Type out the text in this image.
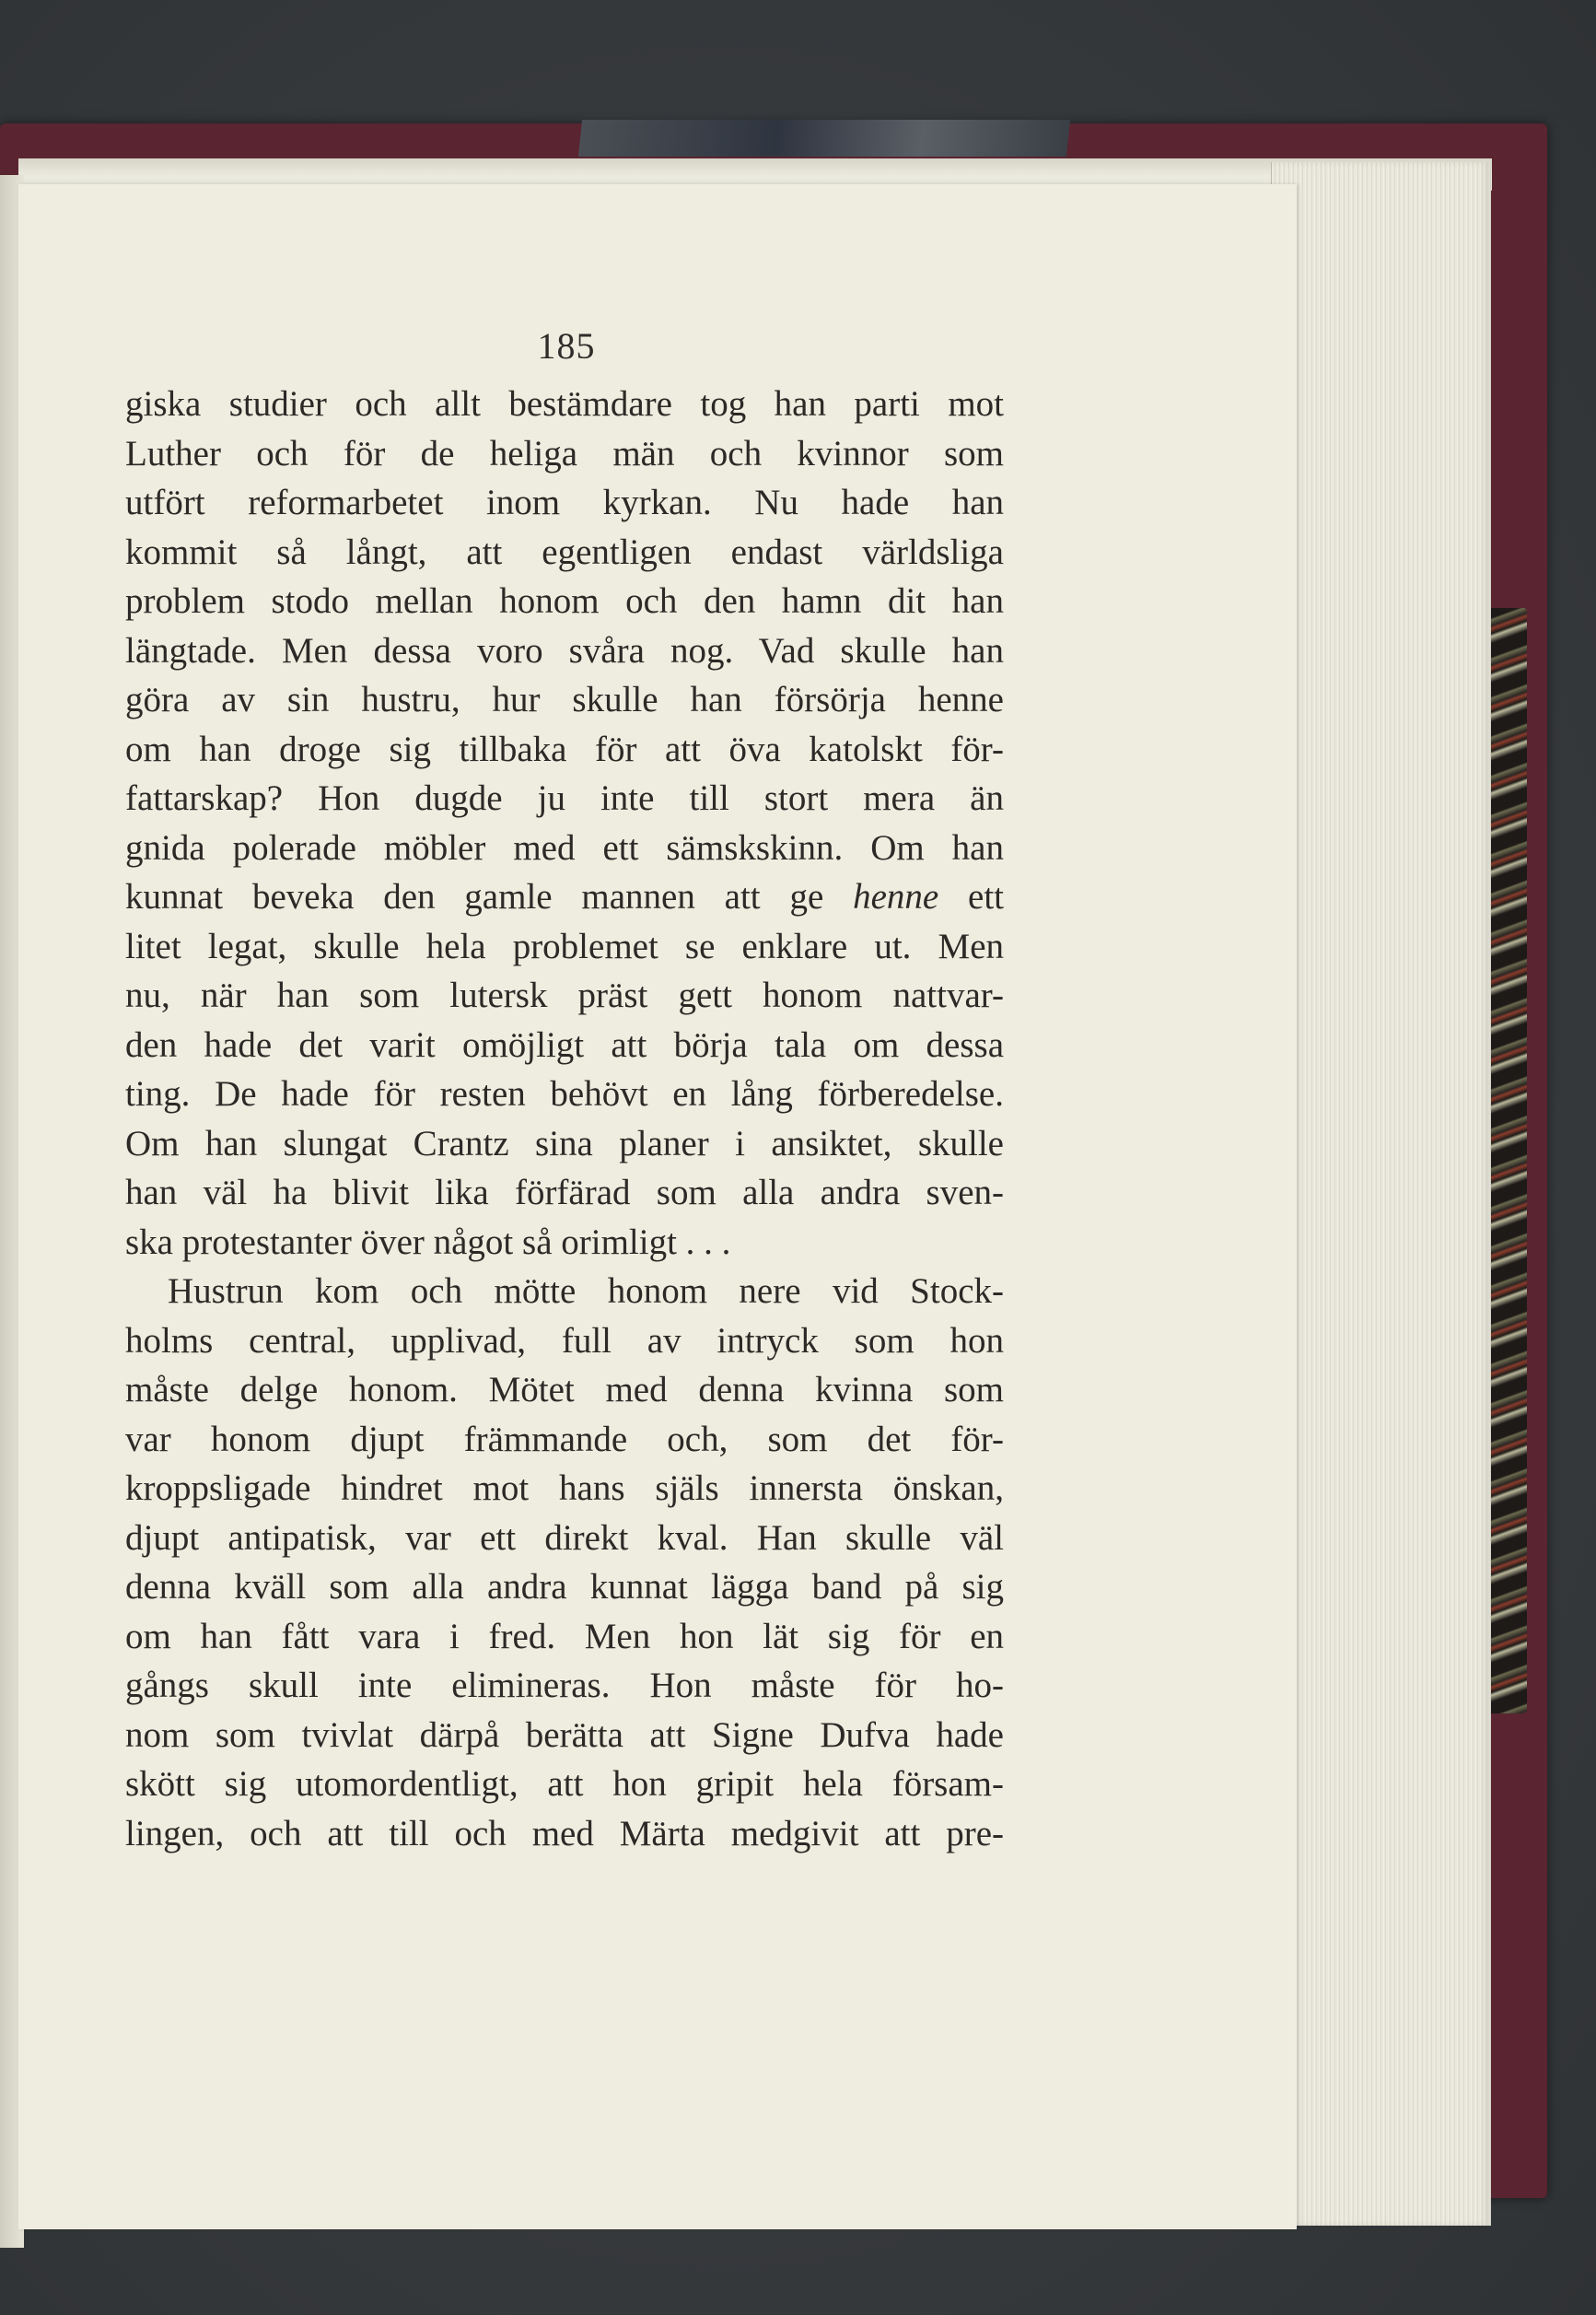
185
giska studier och allt bestämdare tog han parti mot
Luther och för de heliga män och kvinnor som
utfört reformarbetet inom kyrkan. Nu hade han
kommit så långt, att egentligen endast världsliga
problem stodo mellan honom och den hamn dit han
längtade. Men dessa voro svåra nog. Vad skulle han
göra av sin hustru, hur skulle han försörja henne
om han droge sig tillbaka för att öva katolskt för-
fattarskap? Hon dugde ju inte till stort mera än
gnida polerade möbler med ett sämskskinn. Om han
kunnat beveka den gamle mannen att ge henne ett
litet legat, skulle hela problemet se enklare ut. Men
nu, när han som lutersk präst gett honom nattvar-
den hade det varit omöjligt att börja tala om dessa
ting. De hade för resten behövt en lång förberedelse.
Om han slungat Crantz sina planer i ansiktet, skulle
han väl ha blivit lika förfärad som alla andra sven-
ska protestanter över något så orimligt . . .
Hustrun kom och mötte honom nere vid Stock-
holms central, upplivad, full av intryck som hon
måste delge honom. Mötet med denna kvinna som
var honom djupt främmande och, som det för-
kroppsligade hindret mot hans själs innersta önskan,
djupt antipatisk, var ett direkt kval. Han skulle väl
denna kväll som alla andra kunnat lägga band på sig
om han fått vara i fred. Men hon lät sig för en
gångs skull inte elimineras. Hon måste för ho-
nom som tvivlat därpå berätta att Signe Dufva hade
skött sig utomordentligt, att hon gripit hela försam-
lingen, och att till och med Märta medgivit att pre-
